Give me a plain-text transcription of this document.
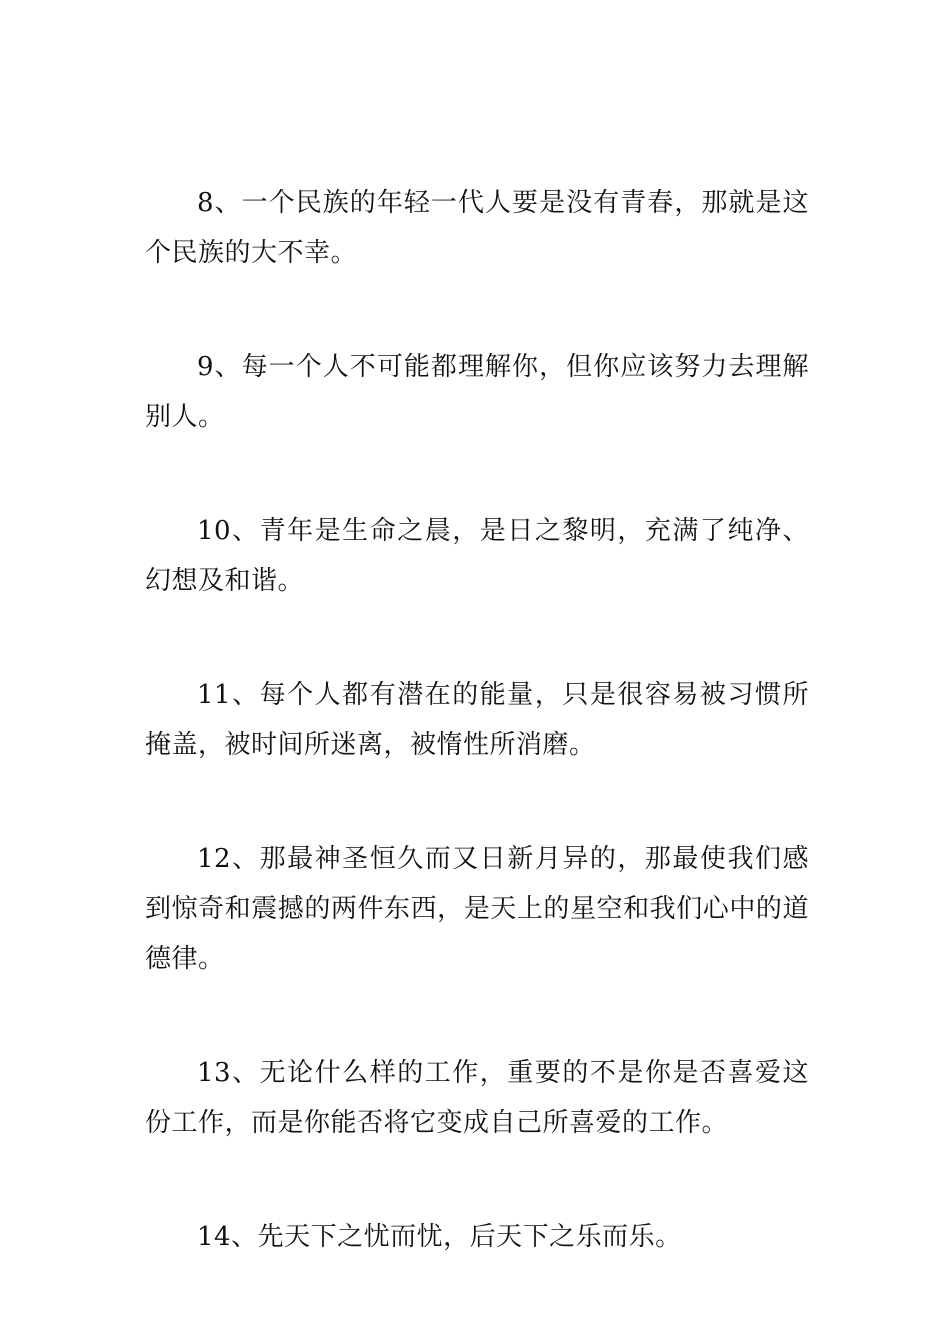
8、一个民族的年轻一代人要是没有青春，那就是这个民族的大不幸。

9、每一个人不可能都理解你，但你应该努力去理解别人。

10、青年是生命之晨，是日之黎明，充满了纯净、幻想及和谐。

11、每个人都有潜在的能量，只是很容易被习惯所掩盖，被时间所迷离，被惰性所消磨。

12、那最神圣恒久而又日新月异的，那最使我们感到惊奇和震撼的两件东西，是天上的星空和我们心中的道德律。

13、无论什么样的工作，重要的不是你是否喜爱这份工作，而是你能否将它变成自己所喜爱的工作。

14、先天下之忧而忧，后天下之乐而乐。
